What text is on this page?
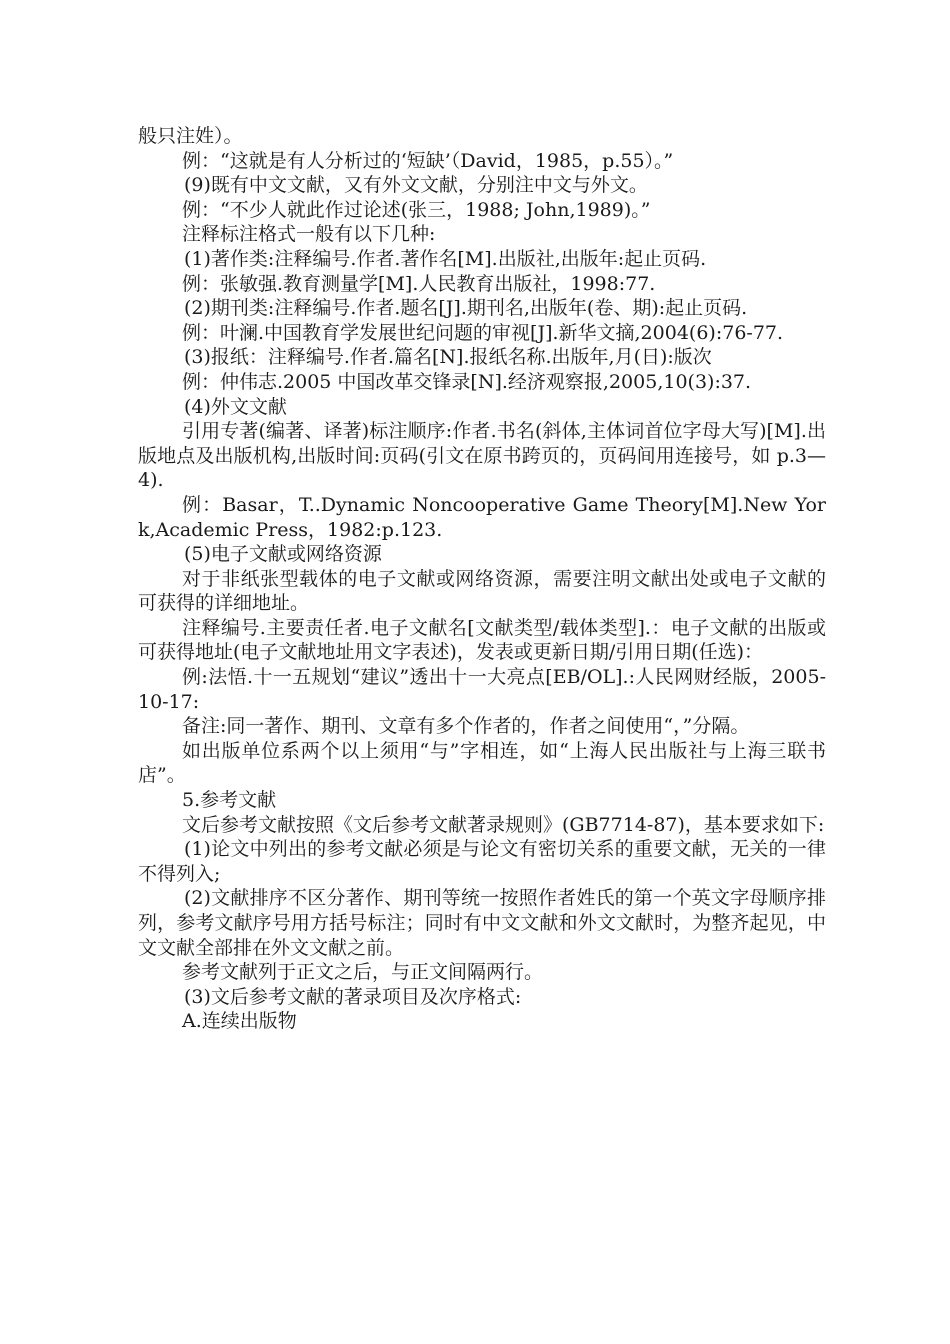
般只注姓）。

例：“这就是有人分析过的‘短缺’（David，1985，p.55）。”

(9)既有中文文献，又有外文文献，分别注中文与外文。

例：“不少人就此作过论述(张三，1988; John,1989)。”

注释标注格式一般有以下几种:

(1)著作类:注释编号.作者.著作名[M].出版社,出版年:起止页码.

例：张敏强.教育测量学[M].人民教育出版社，1998:77.

(2)期刊类:注释编号.作者.题名[J].期刊名,出版年(卷、期):起止页码.

例：叶澜.中国教育学发展世纪问题的审视[J].新华文摘,2004(6):76-77.

(3)报纸：注释编号.作者.篇名[N].报纸名称.出版年,月(日):版次

例：仲伟志.2005 中国改革交锋录[N].经济观察报,2005,10(3):37.

(4)外文文献

引用专著(编著、译著)标注顺序:作者.书名(斜体,主体词首位字母大写)[M].出版地点及出版机构,出版时间:页码(引文在原书跨页的，页码间用连接号，如 p.3—4).

例：Basar，T..Dynamic Noncooperative Game Theory[M].New York,Academic Press，1982:p.123.

(5)电子文献或网络资源

对于非纸张型载体的电子文献或网络资源，需要注明文献出处或电子文献的可获得的详细地址。

注释编号.主要责任者.电子文献名[文献类型/载体类型].：电子文献的出版或可获得地址(电子文献地址用文字表述)，发表或更新日期/引用日期(任选)：

例:法悟.十一五规划“建议”透出十一大亮点[EB/OL].:人民网财经版，2005-10-17:

备注:同一著作、期刊、文章有多个作者的，作者之间使用“，”分隔。

如出版单位系两个以上须用“与”字相连，如“上海人民出版社与上海三联书店”。

5.参考文献

文后参考文献按照《文后参考文献著录规则》(GB7714-87)，基本要求如下:

(1)论文中列出的参考文献必须是与论文有密切关系的重要文献，无关的一律不得列入;

(2)文献排序不区分著作、期刊等统一按照作者姓氏的第一个英文字母顺序排列，参考文献序号用方括号标注；同时有中文文献和外文文献时，为整齐起见，中文文献全部排在外文文献之前。

参考文献列于正文之后，与正文间隔两行。

(3)文后参考文献的著录项目及次序格式:

A.连续出版物
